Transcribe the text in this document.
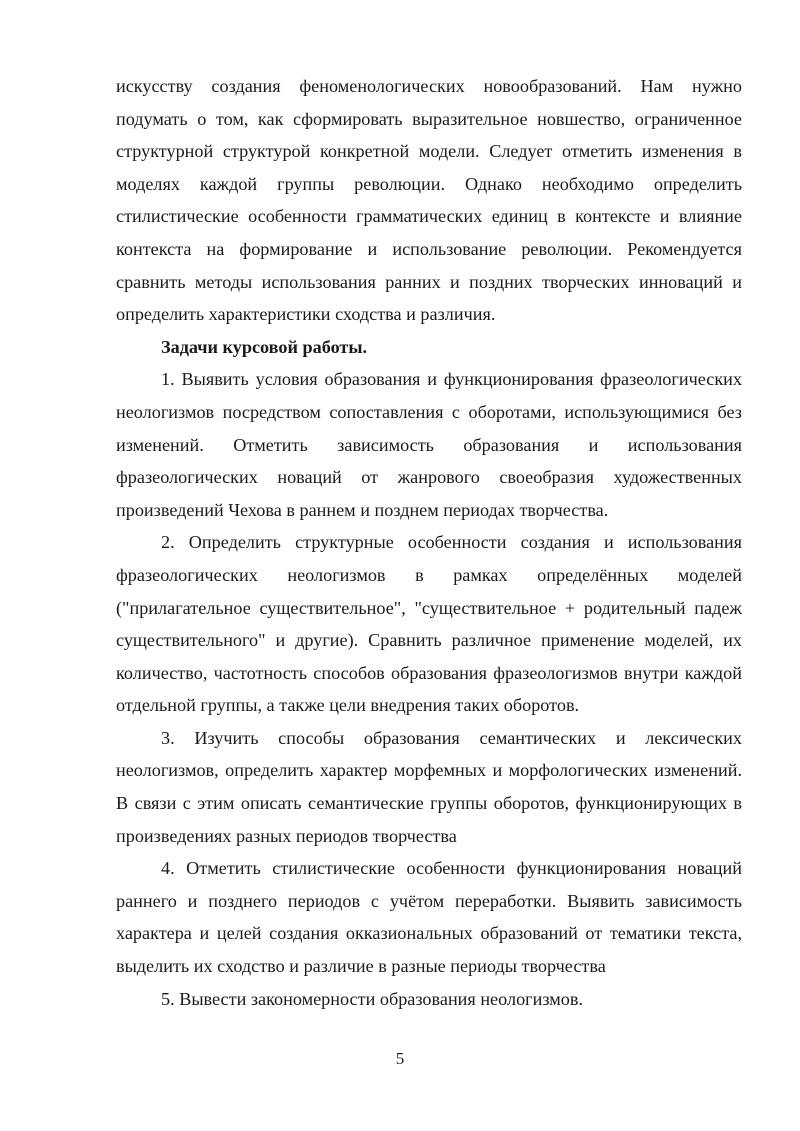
искусству создания феноменологических новообразований. Нам нужно подумать о том, как сформировать выразительное новшество, ограниченное структурной структурой конкретной модели. Следует отметить изменения в моделях каждой группы революции. Однако необходимо определить стилистические особенности грамматических единиц в контексте и влияние контекста на формирование и использование революции. Рекомендуется сравнить методы использования ранних и поздних творческих инноваций и определить характеристики сходства и различия.

Задачи курсовой работы.

1. Выявить условия образования и функционирования фразеологических неологизмов посредством сопоставления с оборотами, использующимися без изменений. Отметить зависимость образования и использования фразеологических новаций от жанрового своеобразия художественных произведений Чехова в раннем и позднем периодах творчества.

2. Определить структурные особенности создания и использования фразеологических неологизмов в рамках определённых моделей ("прилагательное существительное", "существительное + родительный падеж существительного" и другие). Сравнить различное применение моделей, их количество, частотность способов образования фразеологизмов внутри каждой отдельной группы, а также цели внедрения таких оборотов.

3. Изучить способы образования семантических и лексических неологизмов, определить характер морфемных и морфологических изменений. В связи с этим описать семантические группы оборотов, функционирующих в произведениях разных периодов творчества

4. Отметить стилистические особенности функционирования новаций раннего и позднего периодов с учётом переработки. Выявить зависимость характера и целей создания окказиональных образований от тематики текста, выделить их сходство и различие в разные периоды творчества

5. Вывести закономерности образования неологизмов.

5
